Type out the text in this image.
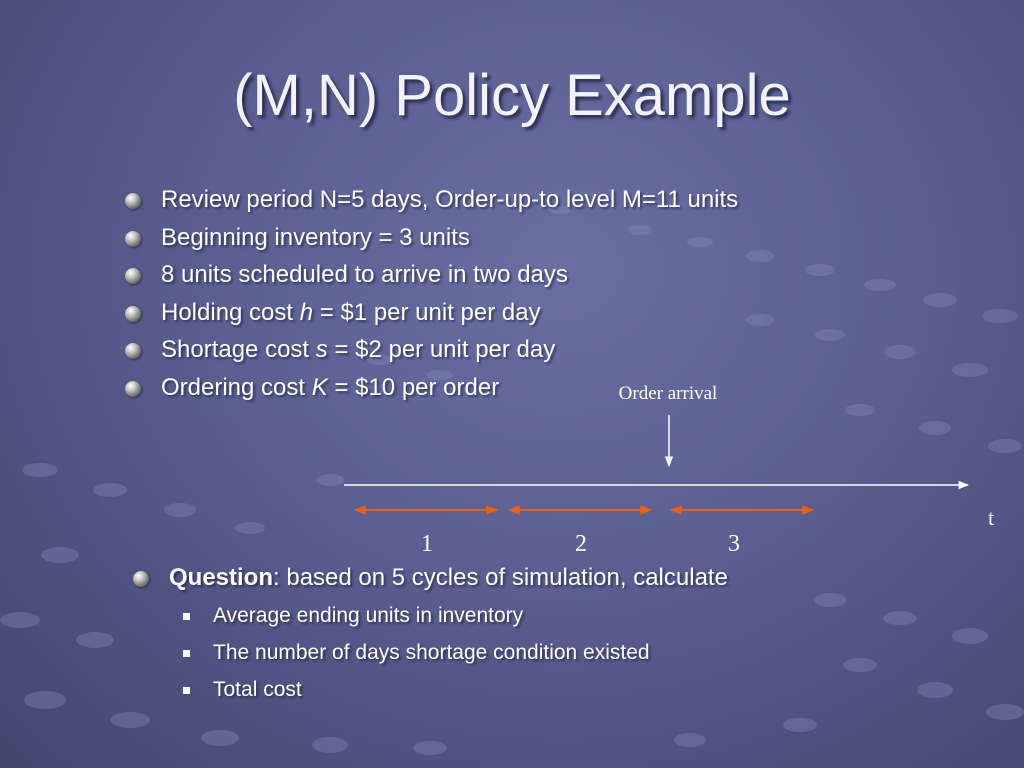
(M,N) Policy Example
Review period N=5 days, Order-up-to level M=11 units
Beginning inventory = 3 units
8 units scheduled to arrive in two days
Holding cost h = $1 per unit per day
Shortage cost s = $2 per unit per day
Ordering cost K = $10 per order	Order arrival
t
1	2	3
Question: based on 5 cycles of simulation, calculate
Average ending units in inventory
The number of days shortage condition existed
Total cost
